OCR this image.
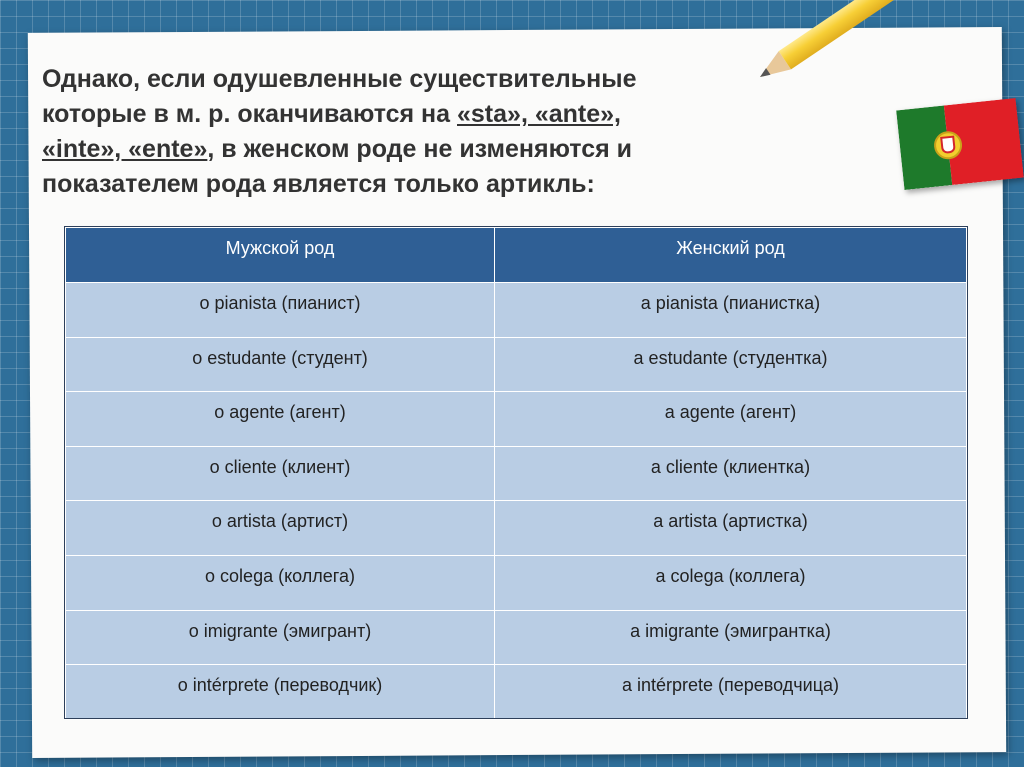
Однако, если одушевленные существительные
которые в м. р. оканчиваются на «sta», «ante»,
«inte», «ente», в женском роде не изменяются и
показателем рода является только артикль:

Мужской род	Женский род
o pianista (пианист)	a pianista (пианистка)
o estudante (студент)	a estudante (студентка)
o agente (агент)	a agente (агент)
o cliente (клиент)	a cliente (клиентка)
o artista (артист)	a artista (артистка)
o colega (коллега)	a colega (коллега)
o imigrante (эмигрант)	a imigrante (эмигрантка)
o intérprete (переводчик)	a intérprete (переводчица)
